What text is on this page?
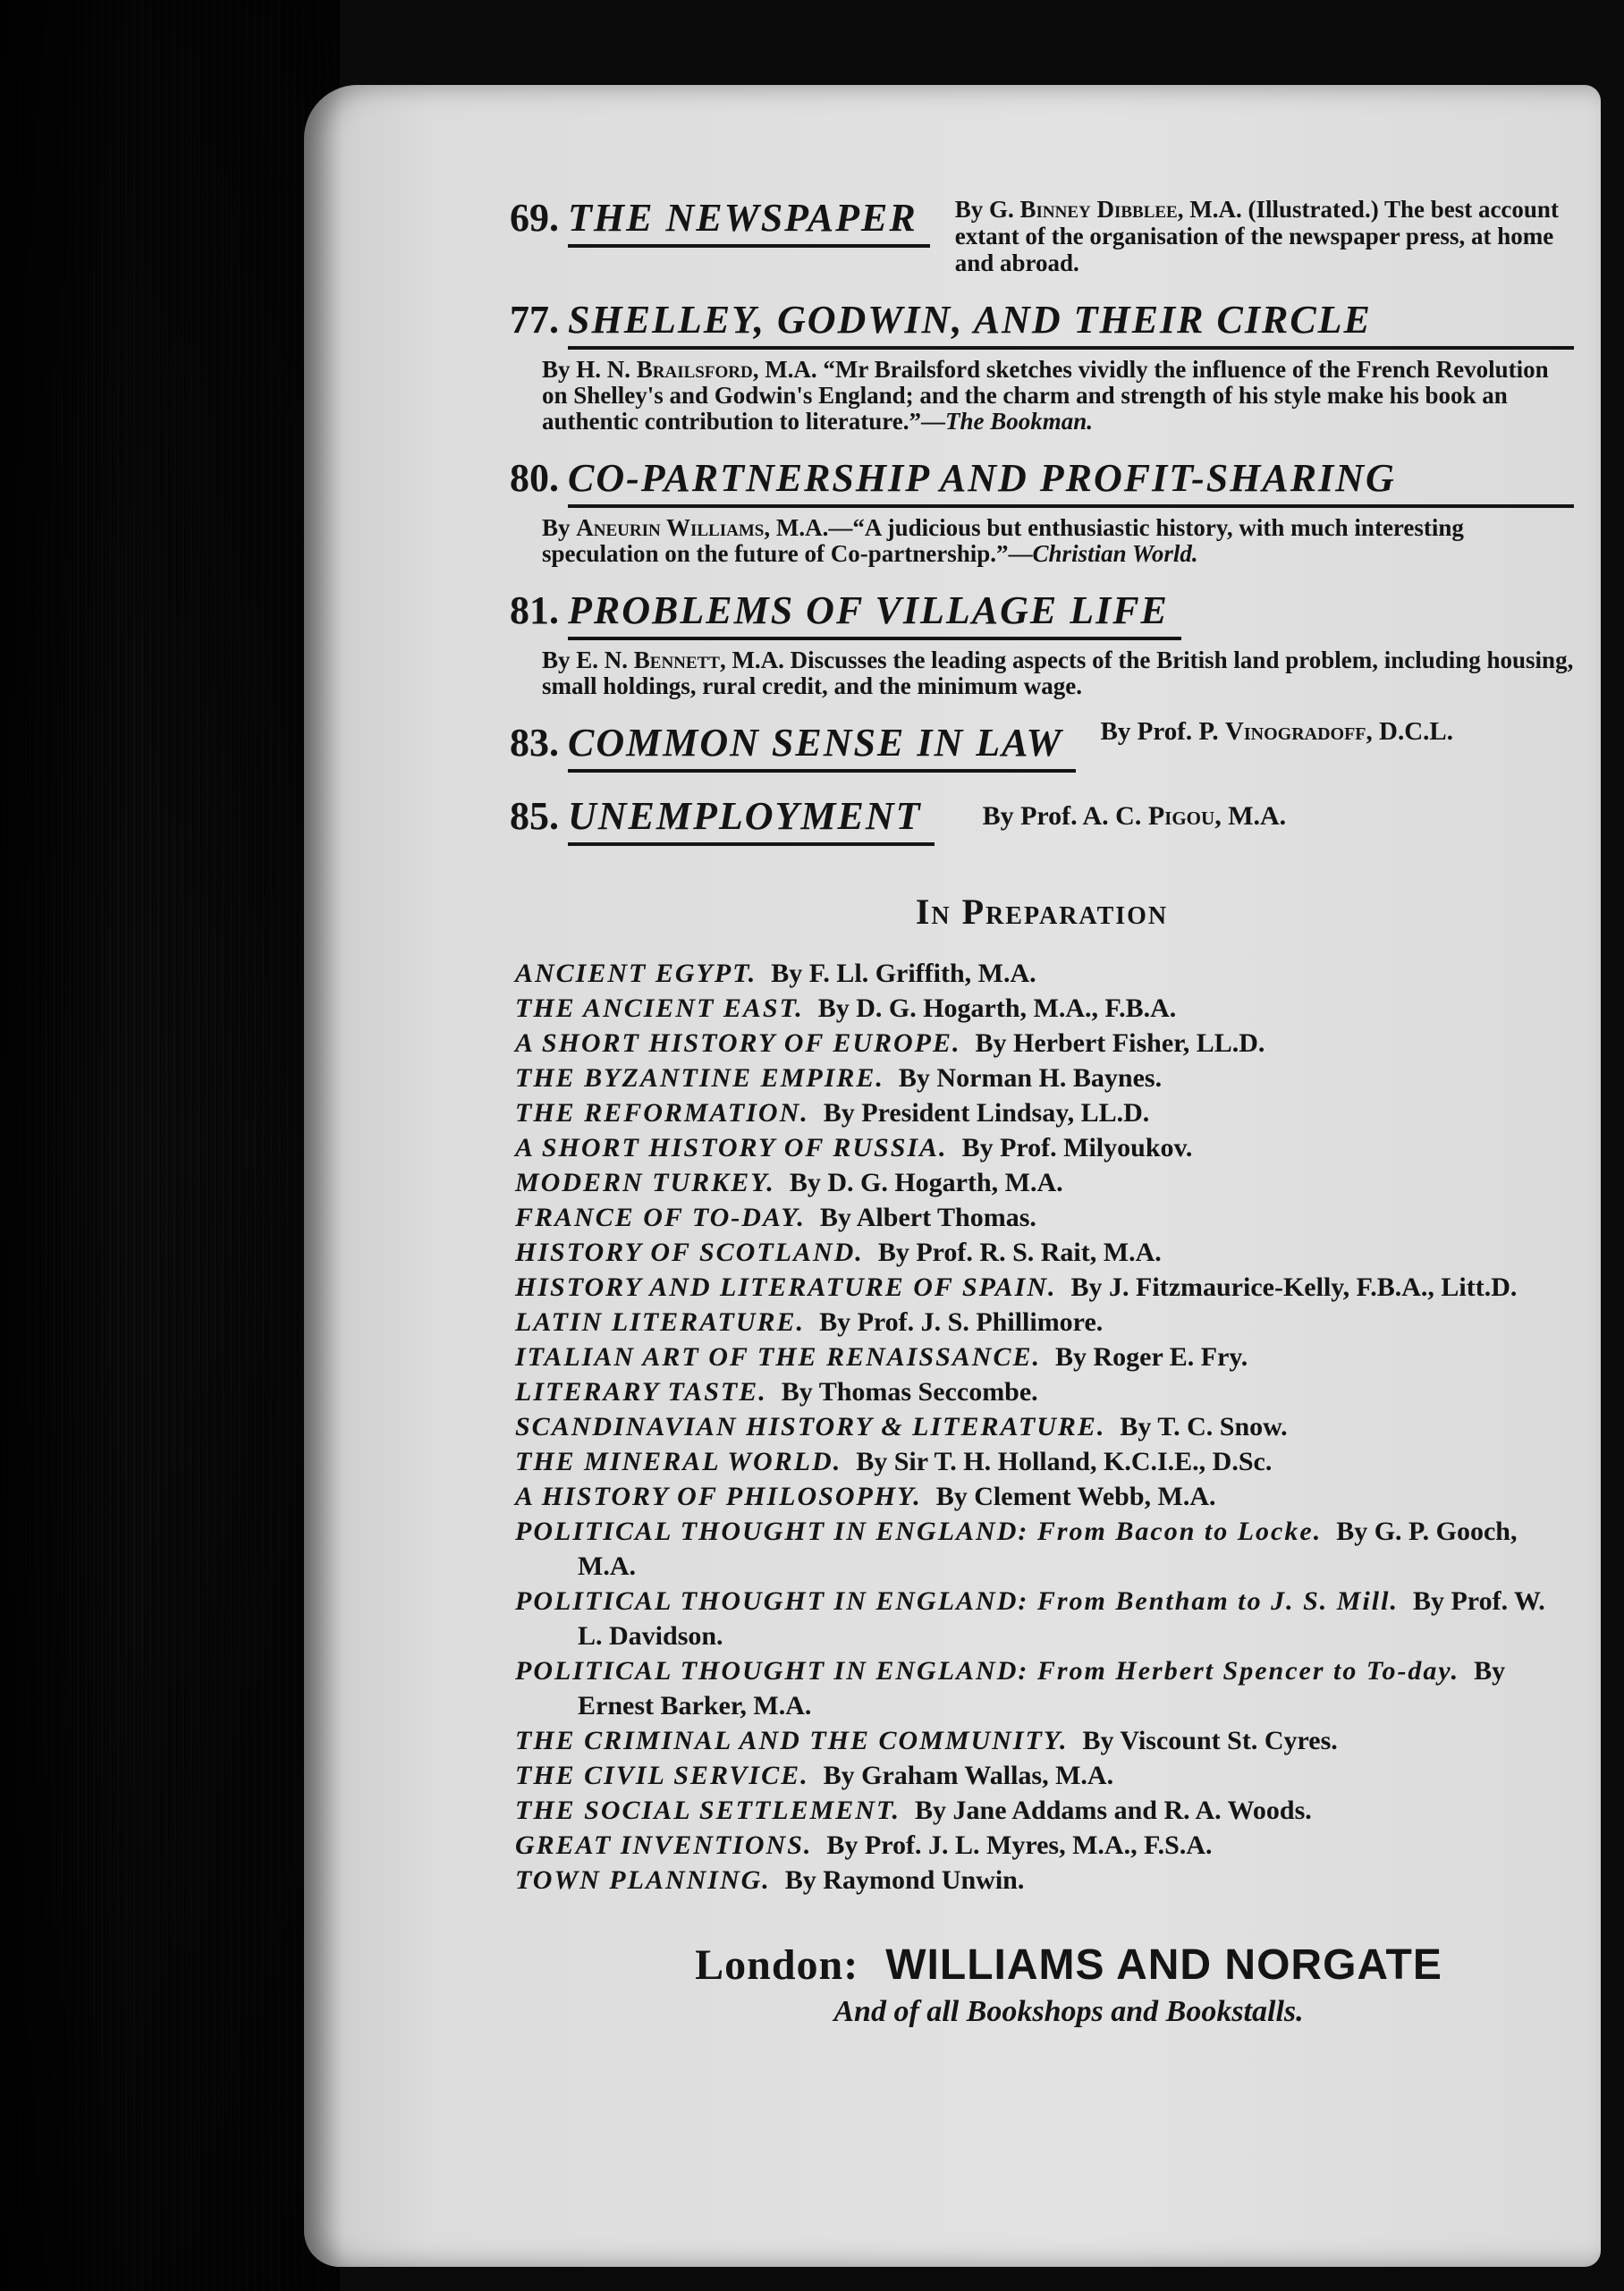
69. THE NEWSPAPER	By G. Binney Dibblee, M.A. (Illustrated.) The best account extant of the organisation of the newspaper press, at home and abroad.
77. SHELLEY, GODWIN, AND THEIR CIRCLE
By H. N. Brailsford, M.A. “Mr Brailsford sketches vividly the influence of the French Revolution on Shelley's and Godwin's England; and the charm and strength of his style make his book an authentic contribution to literature.”—The Bookman.
80. CO-PARTNERSHIP AND PROFIT-SHARING
By Aneurin Williams, M.A.—“A judicious but enthusiastic history, with much interesting speculation on the future of Co-partnership.”—Christian World.
81. PROBLEMS OF VILLAGE LIFE
By E. N. Bennett, M.A. Discusses the leading aspects of the British land problem, including housing, small holdings, rural credit, and the minimum wage.
83. COMMON SENSE IN LAW	By Prof. P. Vinogradoff, D.C.L.
85. UNEMPLOYMENT	By Prof. A. C. Pigou, M.A.
In Preparation
ANCIENT EGYPT. By F. Ll. Griffith, M.A.
THE ANCIENT EAST. By D. G. Hogarth, M.A., F.B.A.
A SHORT HISTORY OF EUROPE. By Herbert Fisher, LL.D.
THE BYZANTINE EMPIRE. By Norman H. Baynes.
THE REFORMATION. By President Lindsay, LL.D.
A SHORT HISTORY OF RUSSIA. By Prof. Milyoukov.
MODERN TURKEY. By D. G. Hogarth, M.A.
FRANCE OF TO-DAY. By Albert Thomas.
HISTORY OF SCOTLAND. By Prof. R. S. Rait, M.A.
HISTORY AND LITERATURE OF SPAIN. By J. Fitzmaurice-Kelly, F.B.A., Litt.D.
LATIN LITERATURE. By Prof. J. S. Phillimore.
ITALIAN ART OF THE RENAISSANCE. By Roger E. Fry.
LITERARY TASTE. By Thomas Seccombe.
SCANDINAVIAN HISTORY & LITERATURE. By T. C. Snow.
THE MINERAL WORLD. By Sir T. H. Holland, K.C.I.E., D.Sc.
A HISTORY OF PHILOSOPHY. By Clement Webb, M.A.
POLITICAL THOUGHT IN ENGLAND: From Bacon to Locke. By G. P. Gooch, M.A.
POLITICAL THOUGHT IN ENGLAND: From Bentham to J. S. Mill. By Prof. W. L. Davidson.
POLITICAL THOUGHT IN ENGLAND: From Herbert Spencer to To-day. By Ernest Barker, M.A.
THE CRIMINAL AND THE COMMUNITY. By Viscount St. Cyres.
THE CIVIL SERVICE. By Graham Wallas, M.A.
THE SOCIAL SETTLEMENT. By Jane Addams and R. A. Woods.
GREAT INVENTIONS. By Prof. J. L. Myres, M.A., F.S.A.
TOWN PLANNING. By Raymond Unwin.
London: WILLIAMS AND NORGATE
And of all Bookshops and Bookstalls.
